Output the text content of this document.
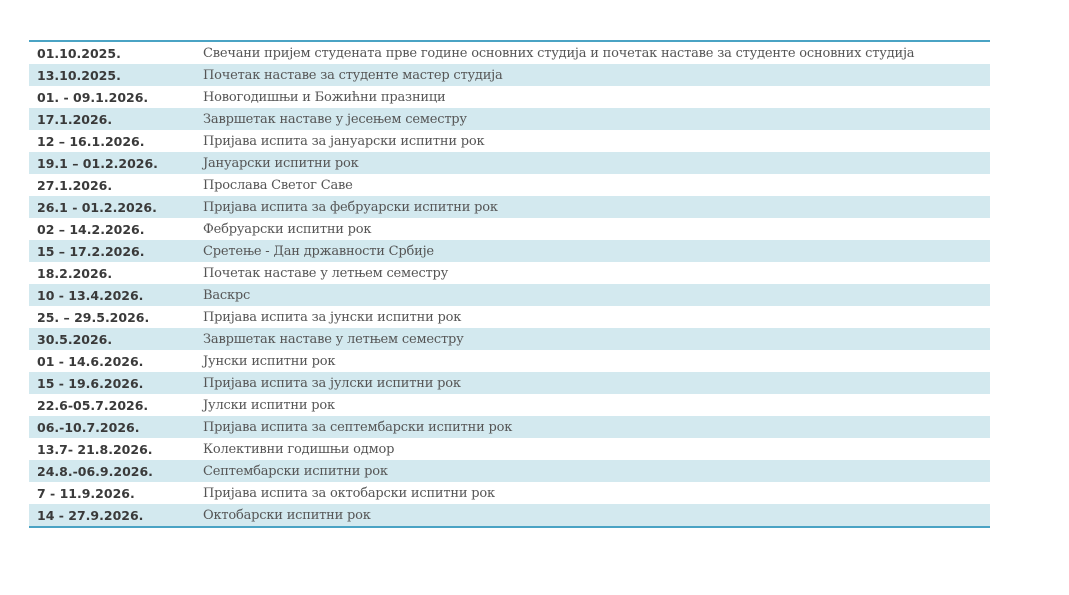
01.10.2025.	Свечани пријем студената прве године основних студија и почетак наставе за студенте основних студија
13.10.2025.	Почетак наставе за студенте мастер студија
01. - 09.1.2026.	Новогодишњи и Божићни празници
17.1.2026.	Завршетак наставе у јесењем семестру
12 – 16.1.2026.	Пријава испита за јануарски испитни рок
19.1 – 01.2.2026.	Јануарски испитни рок
27.1.2026.	Прослава Светог Саве
26.1 - 01.2.2026.	Пријава испита за фебруарски испитни рок
02 – 14.2.2026.	Фебруарски испитни рок
15 – 17.2.2026.	Сретење - Дан државности Србије
18.2.2026.	Почетак наставе у летњем семестру
10 - 13.4.2026.	Васкрс
25. – 29.5.2026.	Пријава испита за јунски испитни рок
30.5.2026.	Завршетак наставе у летњем семестру
01 - 14.6.2026.	Јунски испитни рок
15 - 19.6.2026.	Пријава испита за јулски испитни рок
22.6-05.7.2026.	Јулски испитни рок
06.-10.7.2026.	Пријава испита за септембарски испитни рок
13.7- 21.8.2026.	Колективни годишњи одмор
24.8.-06.9.2026.	Септембарски испитни рок
7 - 11.9.2026.	Пријава испита за октобарски испитни рок
14 - 27.9.2026.	Октобарски испитни рок
